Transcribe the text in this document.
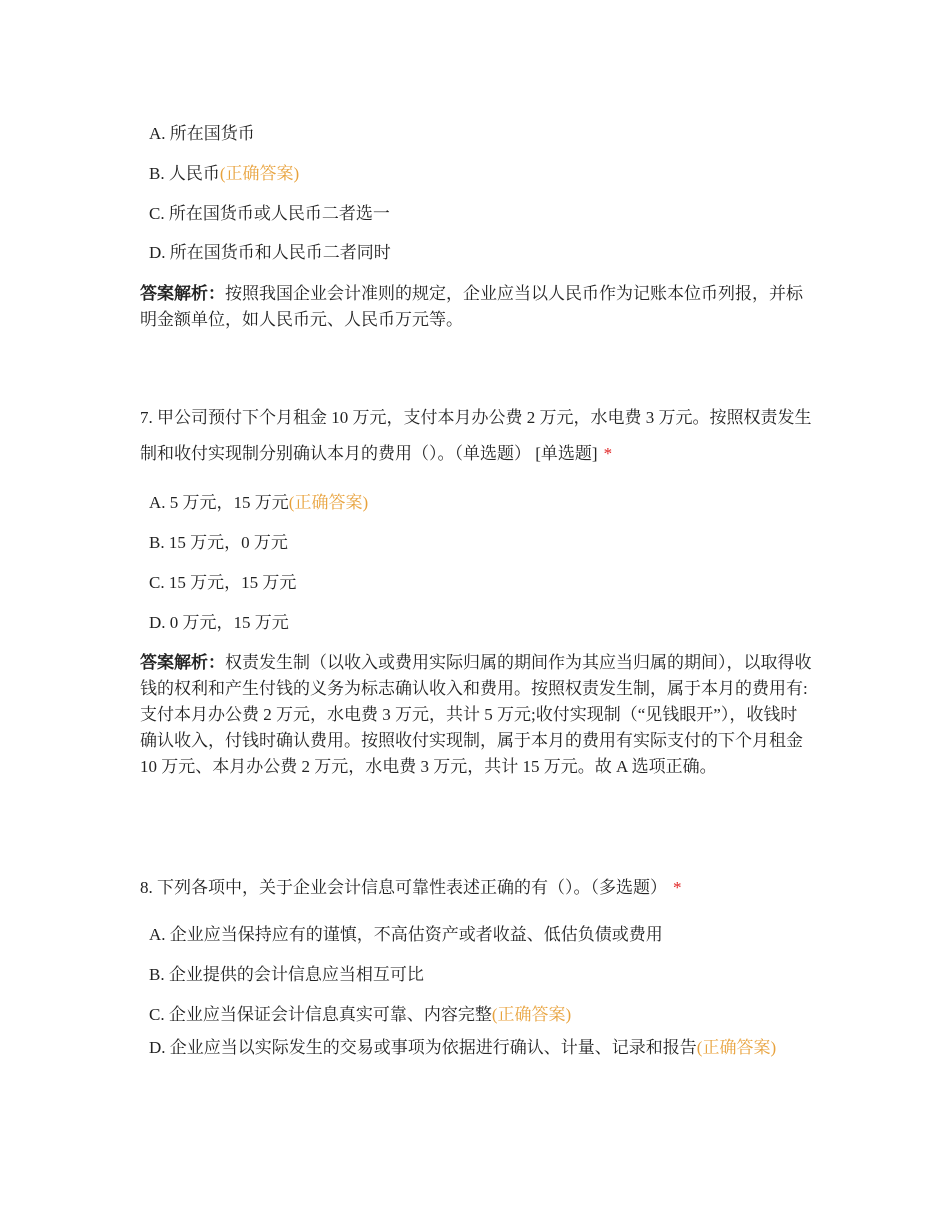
A. 所在国货币
B. 人民币(正确答案)
C. 所在国货币或人民币二者选一
D. 所在国货币和人民币二者同时
答案解析：按照我国企业会计准则的规定，企业应当以人民币作为记账本位币列报，并标明金额单位，如人民币元、人民币万元等。
7. 甲公司预付下个月租金 10 万元，支付本月办公费 2 万元，水电费 3 万元。按照权责发生制和收付实现制分别确认本月的费用（）。（单选题） [单选题] *
A. 5 万元，15 万元(正确答案)
B. 15 万元，0 万元
C. 15 万元，15 万元
D. 0 万元，15 万元
答案解析：权责发生制（以收入或费用实际归属的期间作为其应当归属的期间），以取得收钱的权利和产生付钱的义务为标志确认收入和费用。按照权责发生制，属于本月的费用有:支付本月办公费 2 万元，水电费 3 万元，共计 5 万元;收付实现制（“见钱眼开”），收钱时确认收入，付钱时确认费用。按照收付实现制，属于本月的费用有实际支付的下个月租金 10 万元、本月办公费 2 万元，水电费 3 万元，共计 15 万元。故 A 选项正确。
8. 下列各项中，关于企业会计信息可靠性表述正确的有（）。（多选题） *
A. 企业应当保持应有的谨慎，不高估资产或者收益、低估负债或费用
B. 企业提供的会计信息应当相互可比
C. 企业应当保证会计信息真实可靠、内容完整(正确答案)
D. 企业应当以实际发生的交易或事项为依据进行确认、计量、记录和报告(正确答案)
